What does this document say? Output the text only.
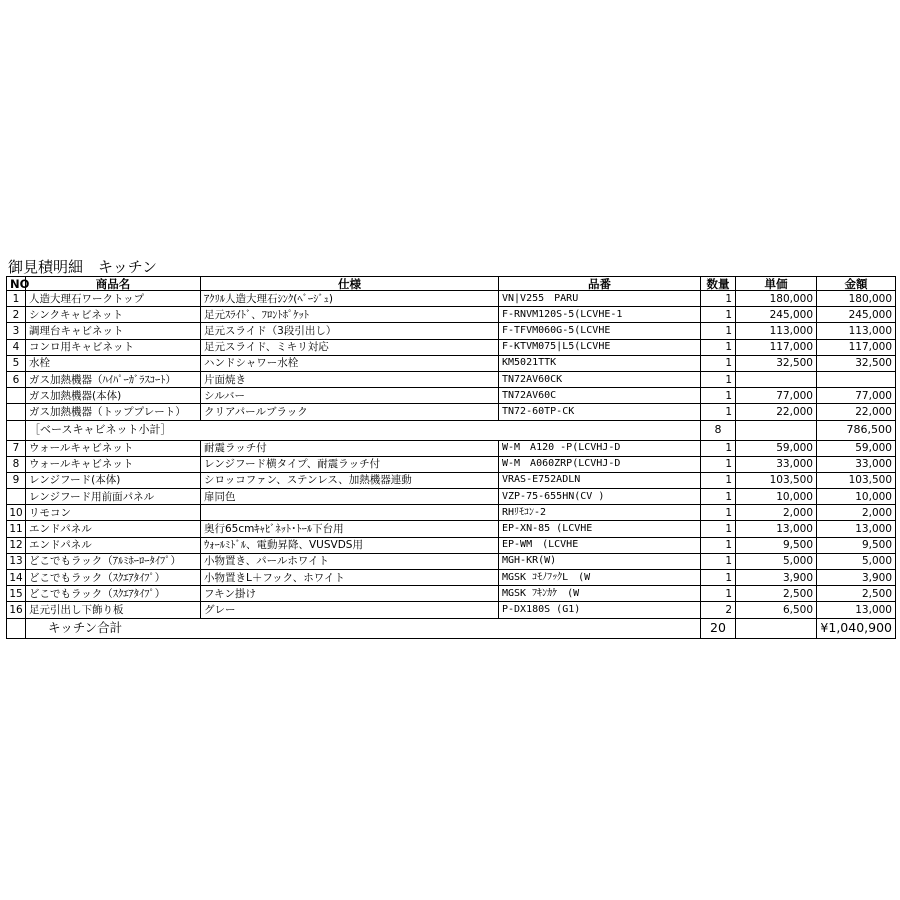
御見積明細　キッチン
NO	商品名	仕様	品番	数量	単価	金額
1	人造大理石ワークトップ	ｱｸﾘﾙ人造大理石ｼﾝｸ(ﾍﾞｰｼﾞｭ)	VN|V255　PARU	1	180,000	180,000
2	シンクキャビネット	足元ｽﾗｲﾄﾞ、ﾌﾛﾝﾄﾎﾟｹｯﾄ	F-RNVM120S-5(LCVHE-1	1	245,000	245,000
3	調理台キャビネット	足元スライド（3段引出し）	F-TFVM060G-5(LCVHE	1	113,000	113,000
4	コンロ用キャビネット	足元スライド、ミキリ対応	F-KTVM075|L5(LCVHE	1	117,000	117,000
5	水栓	ハンドシャワー水栓	KM5021TTK	1	32,500	32,500
6	ガス加熱機器（ﾊｲﾊﾟｰｶﾞﾗｽｺｰﾄ）	片面焼き	TN72AV60CK	1		
	ガス加熱機器(本体)	シルバー	TN72AV60C	1	77,000	77,000
	ガス加熱機器（トッププレート）	クリアパールブラック	TN72-60TP-CK	1	22,000	22,000
	［ベースキャビネット小計］			8		786,500
7	ウォールキャビネット	耐震ラッチ付	W-M　A120 -P(LCVHJ-D	1	59,000	59,000
8	ウォールキャビネット	レンジフード横タイプ、耐震ラッチ付	W-M　A060ZRP(LCVHJ-D	1	33,000	33,000
9	レンジフード(本体)	シロッコファン、ステンレス、加熱機器連動	VRAS-E752ADLN	1	103,500	103,500
	レンジフード用前面パネル	扉同色	VZP-75-655HN(CV )	1	10,000	10,000
10	リモコン		RHﾘﾓｺﾝ-2	1	2,000	2,000
11	エンドパネル	奥行65cmｷｬﾋﾞﾈｯﾄ･ﾄｰﾙ下台用	EP-XN-85 (LCVHE	1	13,000	13,000
12	エンドパネル	ｳｫｰﾙﾐﾄﾞﾙ、電動昇降、VUSVDS用	EP-WM　(LCVHE	1	9,500	9,500
13	どこでもラック（ｱﾙﾐﾎｰﾛｰﾀｲﾌﾟ）	小物置き、パールホワイト	MGH-KR(W)	1	5,000	5,000
14	どこでもラック（ｽｸｴｱﾀｲﾌﾟ）	小物置きL＋フック、ホワイト	MGSK ｺﾓﾉﾌｯｸL　(W	1	3,900	3,900
15	どこでもラック（ｽｸｴｱﾀｲﾌﾟ）	フキン掛け	MGSK ﾌｷﾝｶｹ　(W	1	2,500	2,500
16	足元引出し下飾り板	グレー	P-DX180S (G1)	2	6,500	13,000
	キッチン合計			20		¥1,040,900
